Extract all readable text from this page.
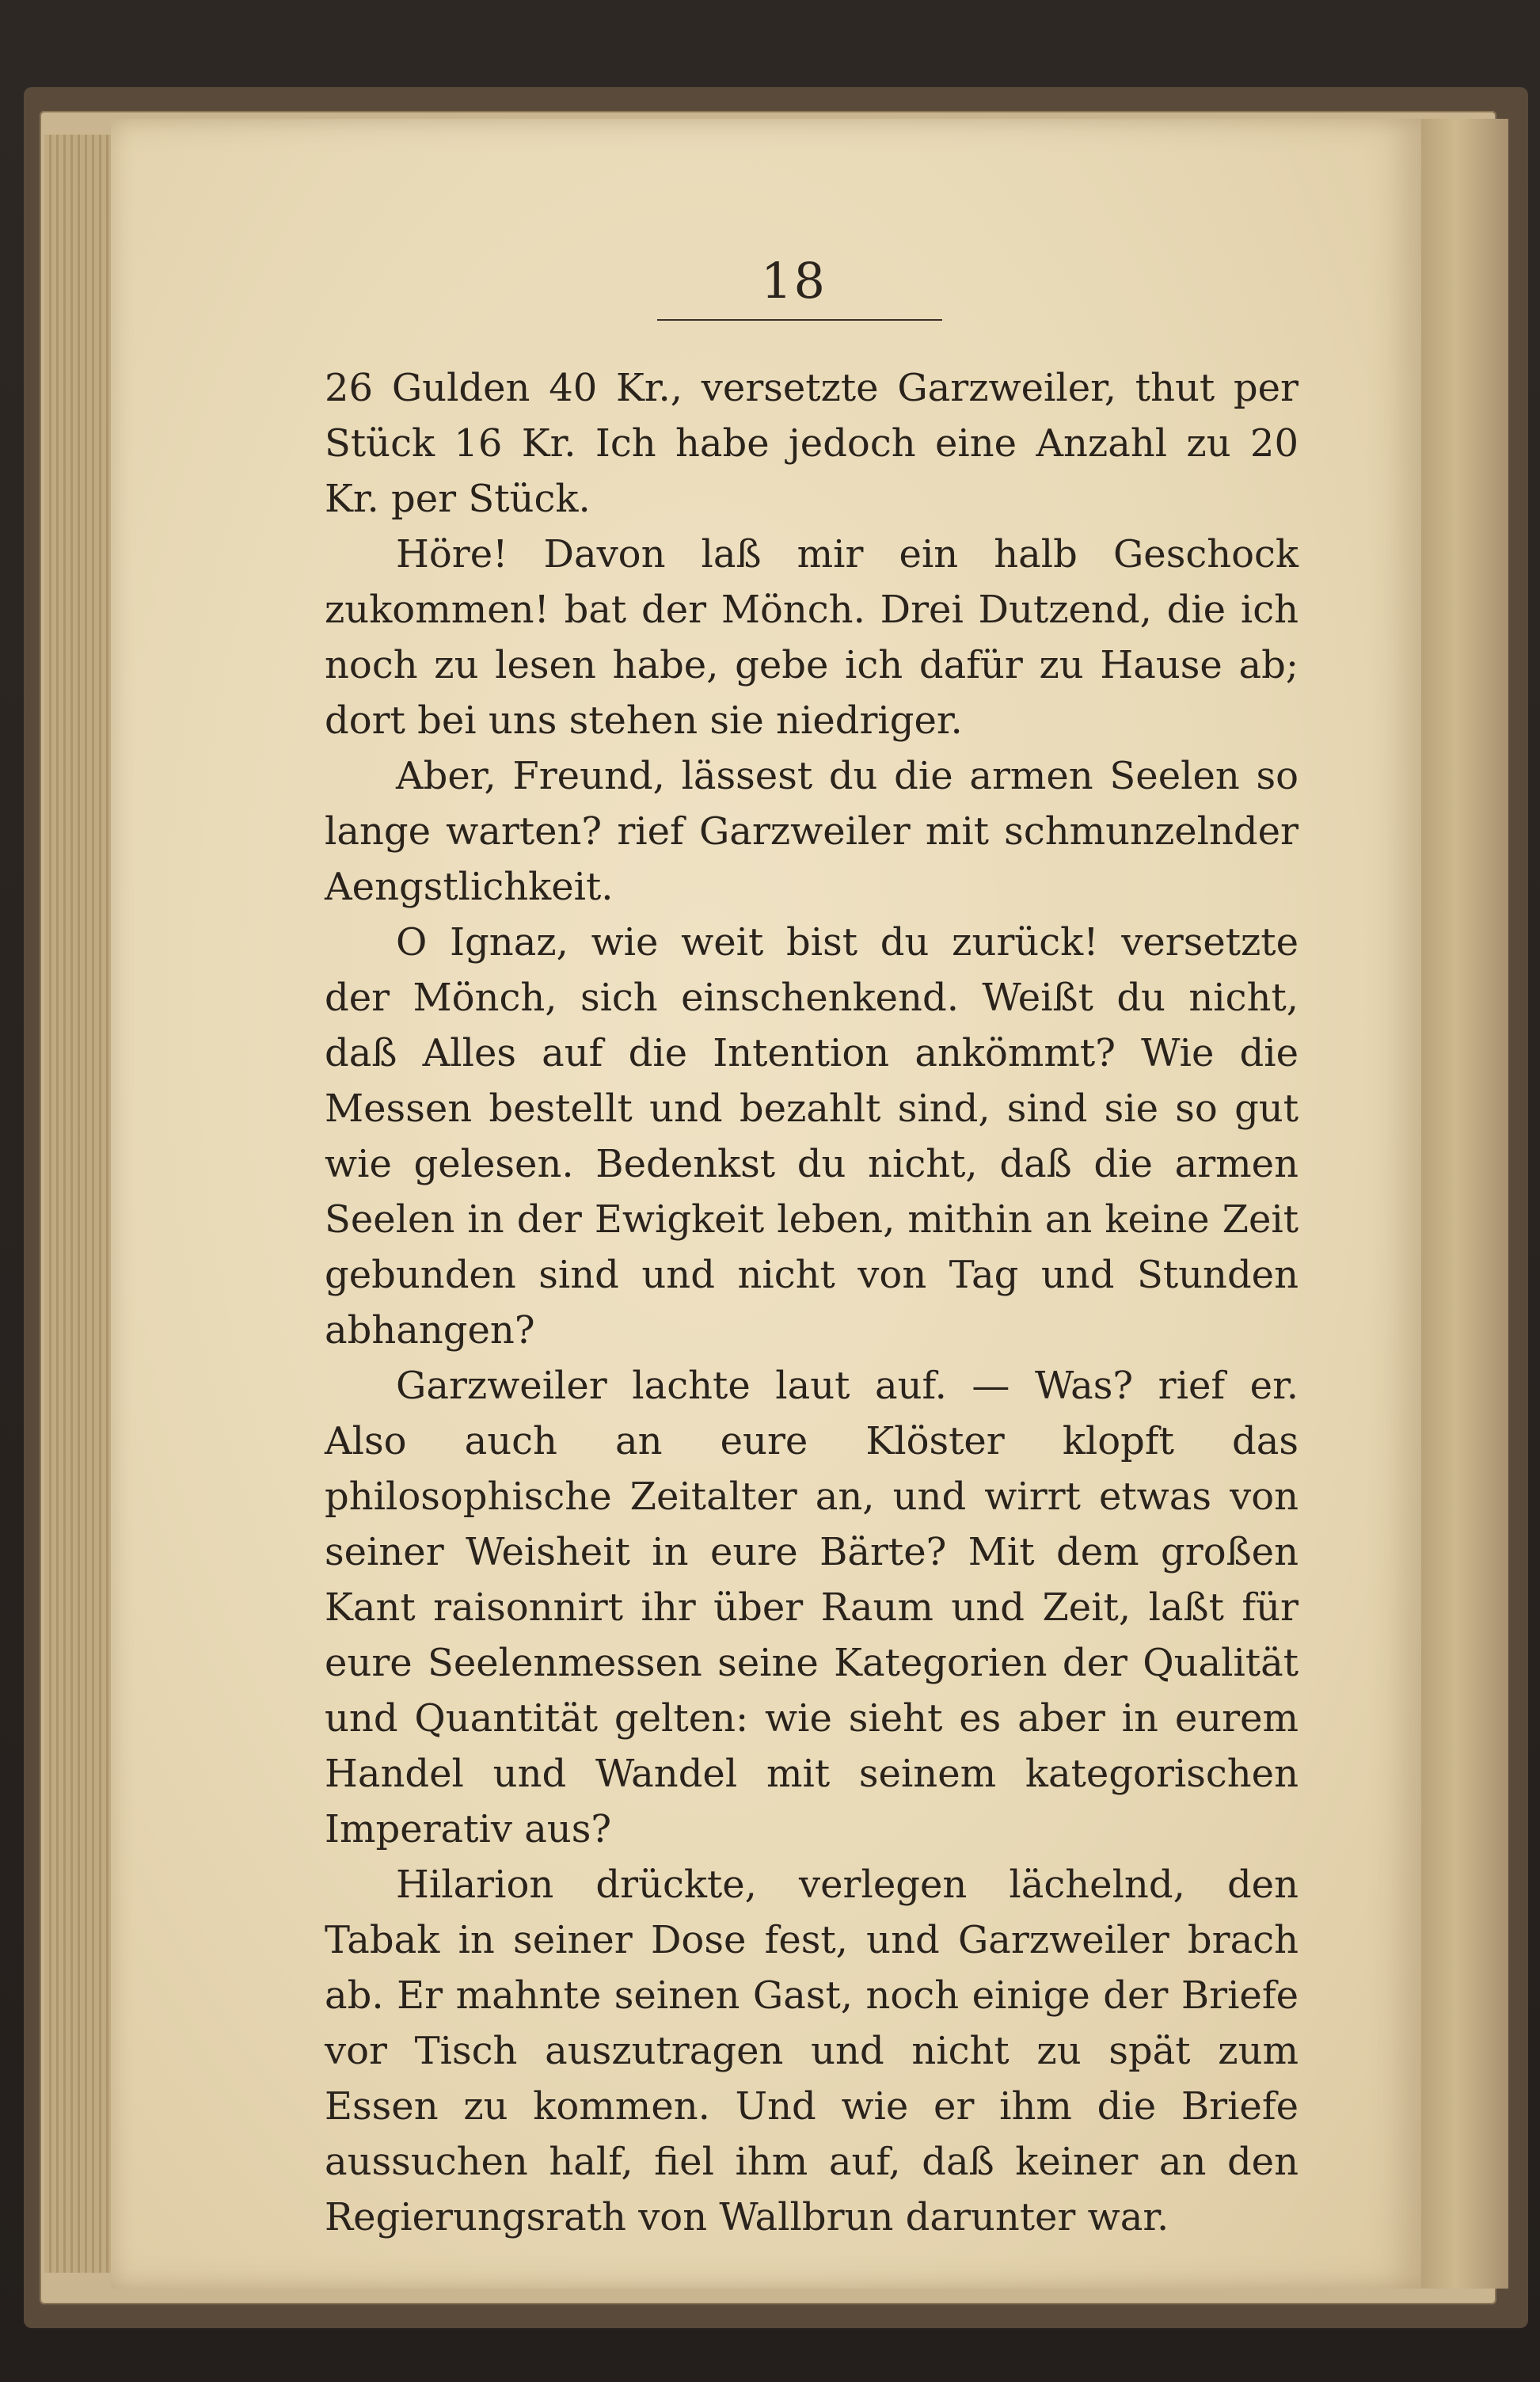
18

26 Gulden 40 Kr., versetzte Garzweiler, thut per Stück 16 Kr. Ich habe jedoch eine Anzahl zu 20 Kr. per Stück.

Höre! Davon laß mir ein halb Geschock zukommen! bat der Mönch. Drei Dutzend, die ich noch zu lesen habe, gebe ich dafür zu Hause ab; dort bei uns stehen sie niedriger.

Aber, Freund, lässest du die armen Seelen so lange warten? rief Garzweiler mit schmunzelnder Aengstlichkeit.

O Ignaz, wie weit bist du zurück! versetzte der Mönch, sich einschenkend. Weißt du nicht, daß Alles auf die Intention ankömmt? Wie die Messen bestellt und bezahlt sind, sind sie so gut wie gelesen. Bedenkst du nicht, daß die armen Seelen in der Ewigkeit leben, mithin an keine Zeit gebunden sind und nicht von Tag und Stunden abhangen?

Garzweiler lachte laut auf. — Was? rief er. Also auch an eure Klöster klopft das philosophische Zeitalter an, und wirrt etwas von seiner Weisheit in eure Bärte? Mit dem großen Kant raisonnirt ihr über Raum und Zeit, laßt für eure Seelenmessen seine Kategorien der Qualität und Quantität gelten: wie sieht es aber in eurem Handel und Wandel mit seinem kategorischen Imperativ aus?

Hilarion drückte, verlegen lächelnd, den Tabak in seiner Dose fest, und Garzweiler brach ab. Er mahnte seinen Gast, noch einige der Briefe vor Tisch auszutragen und nicht zu spät zum Essen zu kommen. Und wie er ihm die Briefe aussuchen half, fiel ihm auf, daß keiner an den Regierungsrath von Wallbrun darunter war.
